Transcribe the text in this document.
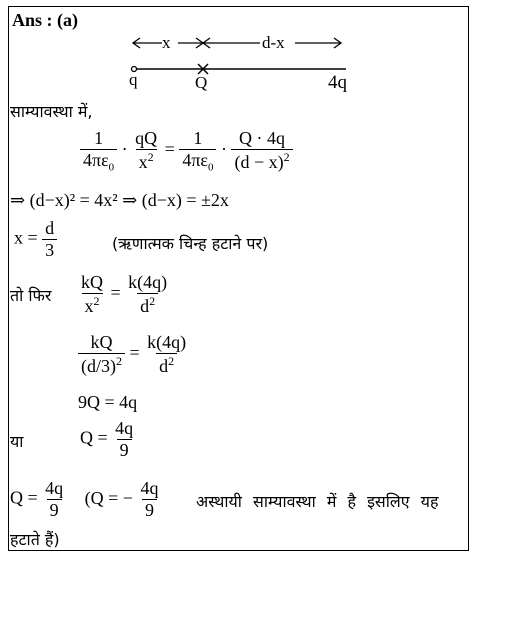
Ans : (a)
x	d-x
q	Q	4q
साम्यावस्था में,
$\frac{1}{4\pi\varepsilon_0} \cdot \frac{qQ}{x^2} = \frac{1}{4\pi\varepsilon_0} \cdot \frac{Q \cdot 4q}{(d - x)^2}$
⇒ (d−x)² = 4x² ⇒ (d−x) = ±2x
$x = \frac{d}{3}$	(ऋणात्मक चिन्ह हटाने पर)
तो फिर $\frac{kQ}{x^2} = \frac{k(4q)}{d^2}$
$\frac{kQ}{(d/3)^2} = \frac{k(4q)}{d^2}$
9Q = 4q
या	$Q = \frac{4q}{9}$
$Q = \frac{4q}{9} (Q$ = − $\frac{4q}{9}$ अस्थायी साम्यावस्था में है इसलिए यह
हटाते हैं)
